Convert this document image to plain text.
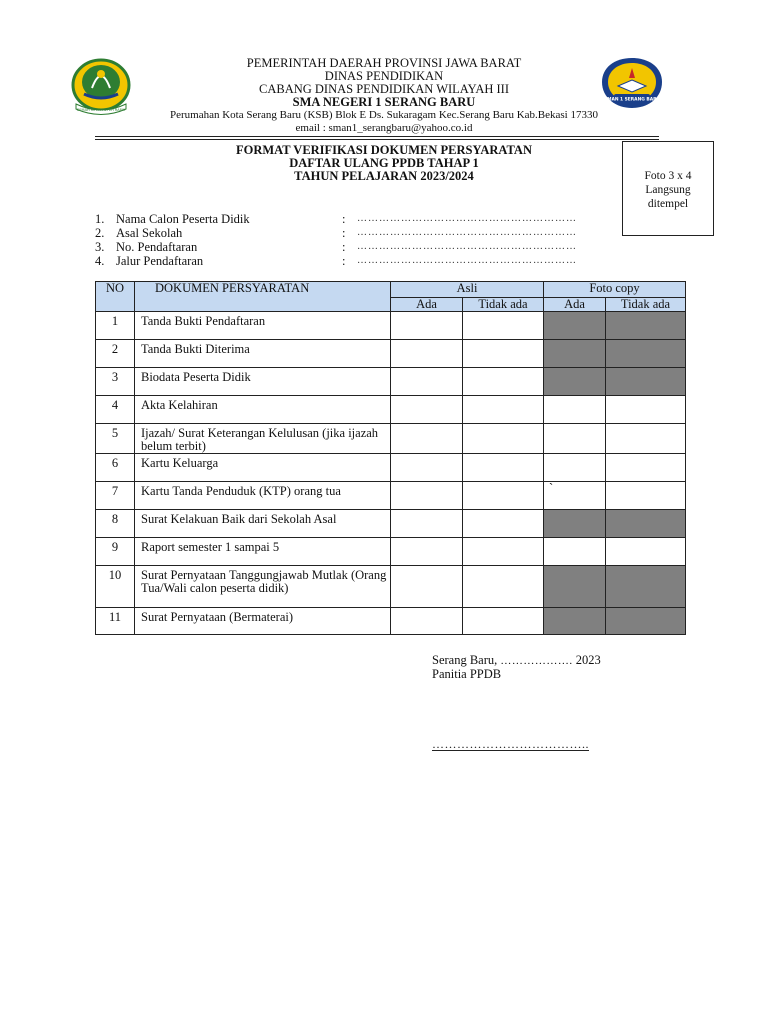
GEMAH RIPAH REPEH RAPIH
SMAN 1 SERANG BARU
PEMERINTAH DAERAH PROVINSI JAWA BARAT
DINAS PENDIDIKAN
CABANG DINAS PENDIDIKAN WILAYAH III
SMA NEGERI 1 SERANG BARU
Perumahan Kota Serang Baru (KSB) Blok E Ds. Sukaragam Kec.Serang Baru Kab.Bekasi 17330
email : sman1_serangbaru@yahoo.co.id
FORMAT VERIFIKASI DOKUMEN PERSYARATAN
DAFTAR ULANG PPDB TAHAP 1
TAHUN PELAJARAN 2023/2024	Foto 3 x 4
Langsung
ditempel
1. Nama Calon Peserta Didik	: ……………………………………………………
2. Asal Sekolah	: ……………………………………………………
3. No. Pendaftaran	: ……………………………………………………
4. Jalur Pendaftaran	: ……………………………………………………
NO	DOKUMEN PERSYARATAN	Asli		Foto copy	
		Ada	Tidak ada	Ada	Tidak ada
1	Tanda Bukti Pendaftaran				
2	Tanda Bukti Diterima				
3	Biodata Peserta Didik				
4	Akta Kelahiran				
5	Ijazah/ Surat Keterangan Kelulusan (jika ijazah belum terbit)				
6	Kartu Keluarga				
7	Kartu Tanda Penduduk (KTP) orang tua			`	
8	Surat Kelakuan Baik dari Sekolah Asal				
9	Raport semester 1 sampai 5				
10	Surat Pernyataan Tanggungjawab Mutlak (Orang Tua/Wali calon peserta didik)				
11	Surat Pernyataan (Bermaterai)				
Serang Baru, ………………. 2023
Panitia PPDB
………………………………..
